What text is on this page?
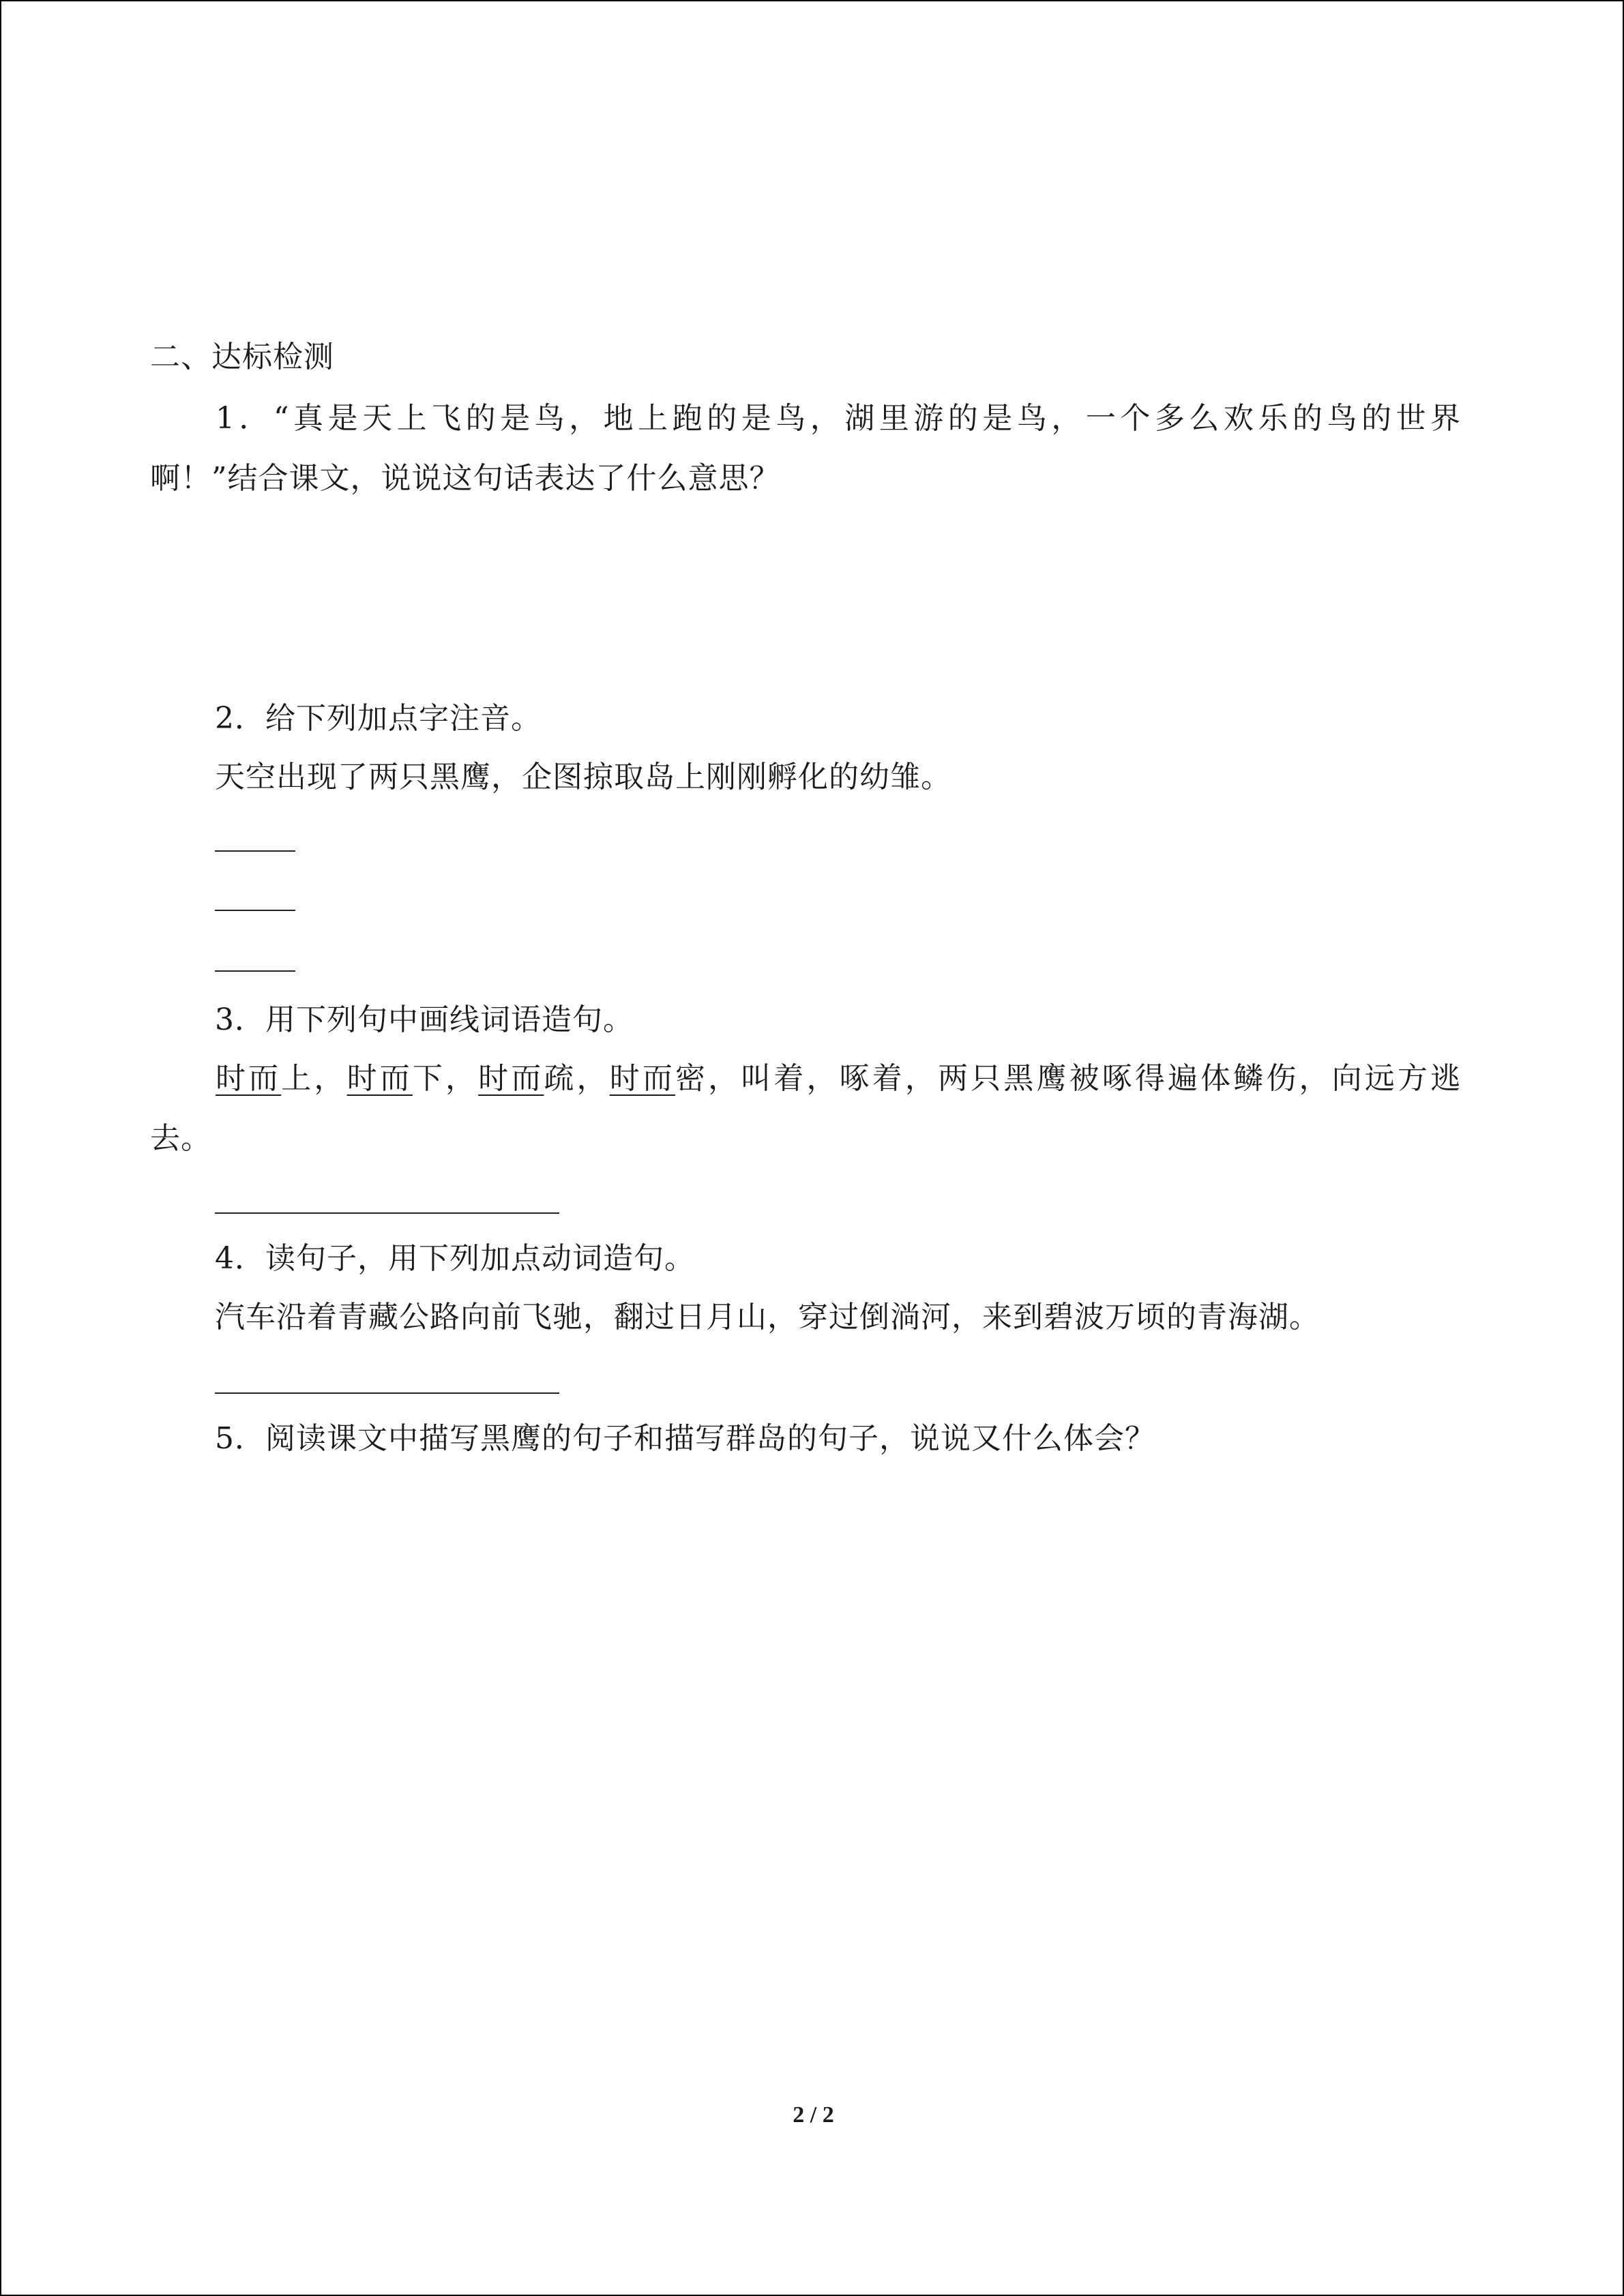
二、达标检测
1．“真是天上飞的是鸟，地上跑的是鸟，湖里游的是鸟，一个多么欢乐的鸟的世界
啊！”结合课文，说说这句话表达了什么意思？
2．给下列加点字注音。
天空出现了两只黑鹰，企图掠取岛上刚刚孵化的幼雏。
3．用下列句中画线词语造句。
时而上，时而下，时而疏，时而密，叫着，啄着，两只黑鹰被啄得遍体鳞伤，向远方逃
去。
4．读句子，用下列加点动词造句。
汽车沿着青藏公路向前飞驰，翻过日月山，穿过倒淌河，来到碧波万顷的青海湖。
5．阅读课文中描写黑鹰的句子和描写群岛的句子，说说又什么体会？
2 / 2
